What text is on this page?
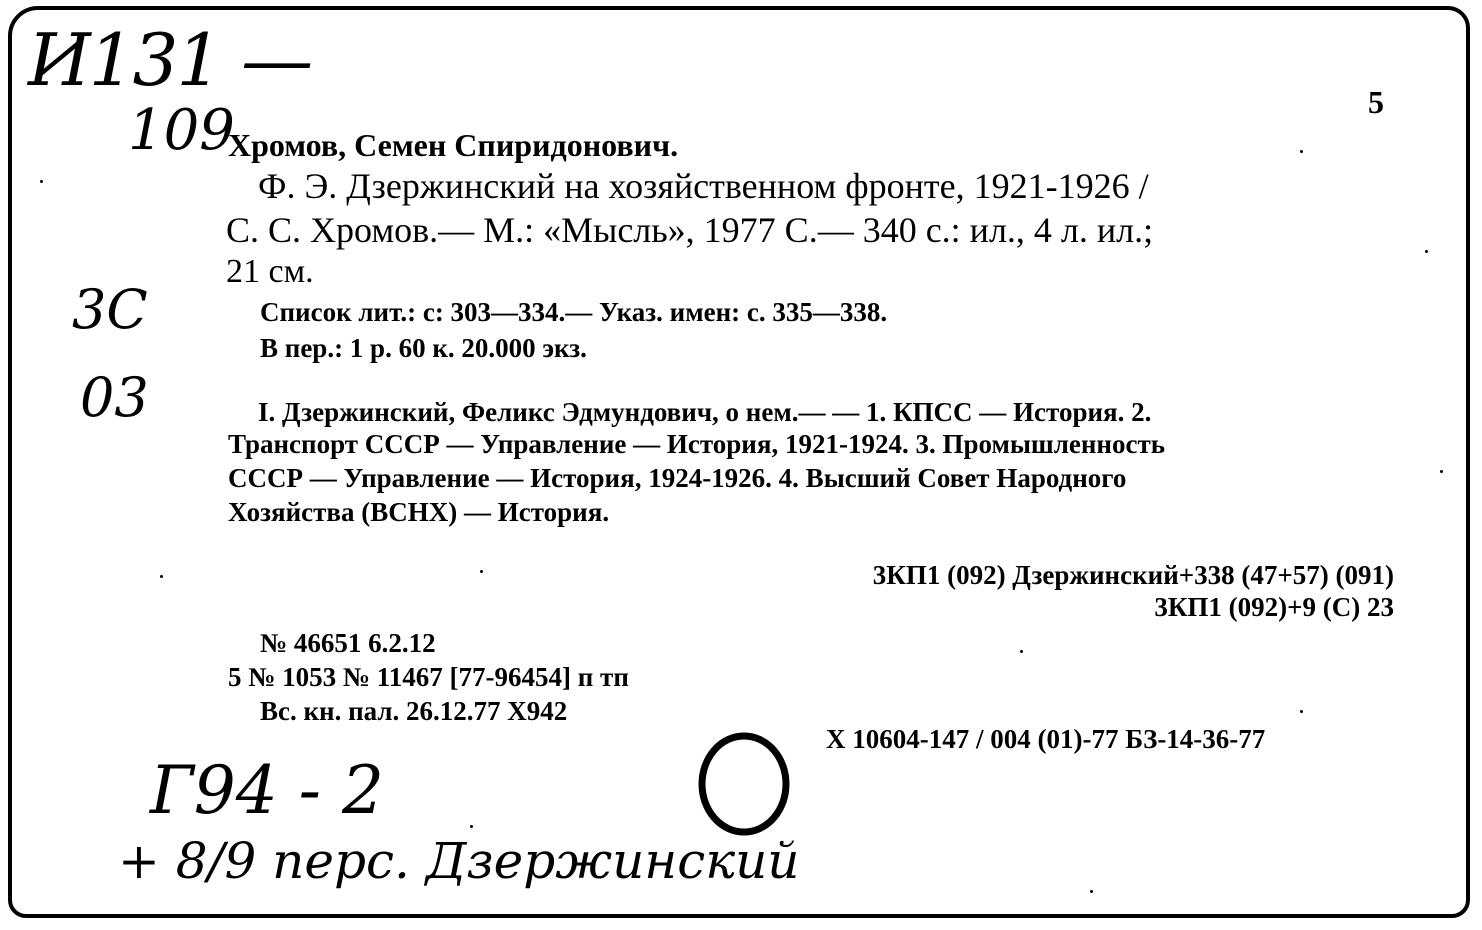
И131 —
109
3С
03
Г94 - 2
+ 8/9 перс. Дзержинский
5
Хромов, Семен Спиридонович.
Ф. Э. Дзержинский на хозяйственном фронте, 1921-1926 /
С. С. Хромов.— М.: «Мысль», 1977 С.— 340 с.: ил., 4 л. ил.;
21 см.
Список лит.: с: 303—334.— Указ. имен: с. 335—338.
В пер.: 1 р. 60 к. 20.000 экз.
I. Дзержинский, Феликс Эдмундович, о нем.— — 1. КПСС — История. 2.
Транспорт СССР — Управление — История, 1921-1924. 3. Промышленность
СССР — Управление — История, 1924-1926. 4. Высший Совет Народного
Хозяйства (ВСНХ) — История.
3КП1 (092) Дзержинский+338 (47+57) (091)
3КП1 (092)+9 (С) 23
№ 46651 6.2.12
5 № 1053 № 11467 [77-96454] п тп
Вс. кн. пал. 26.12.77 Х942
Х 10604-147 / 004 (01)-77 БЗ-14-36-77
